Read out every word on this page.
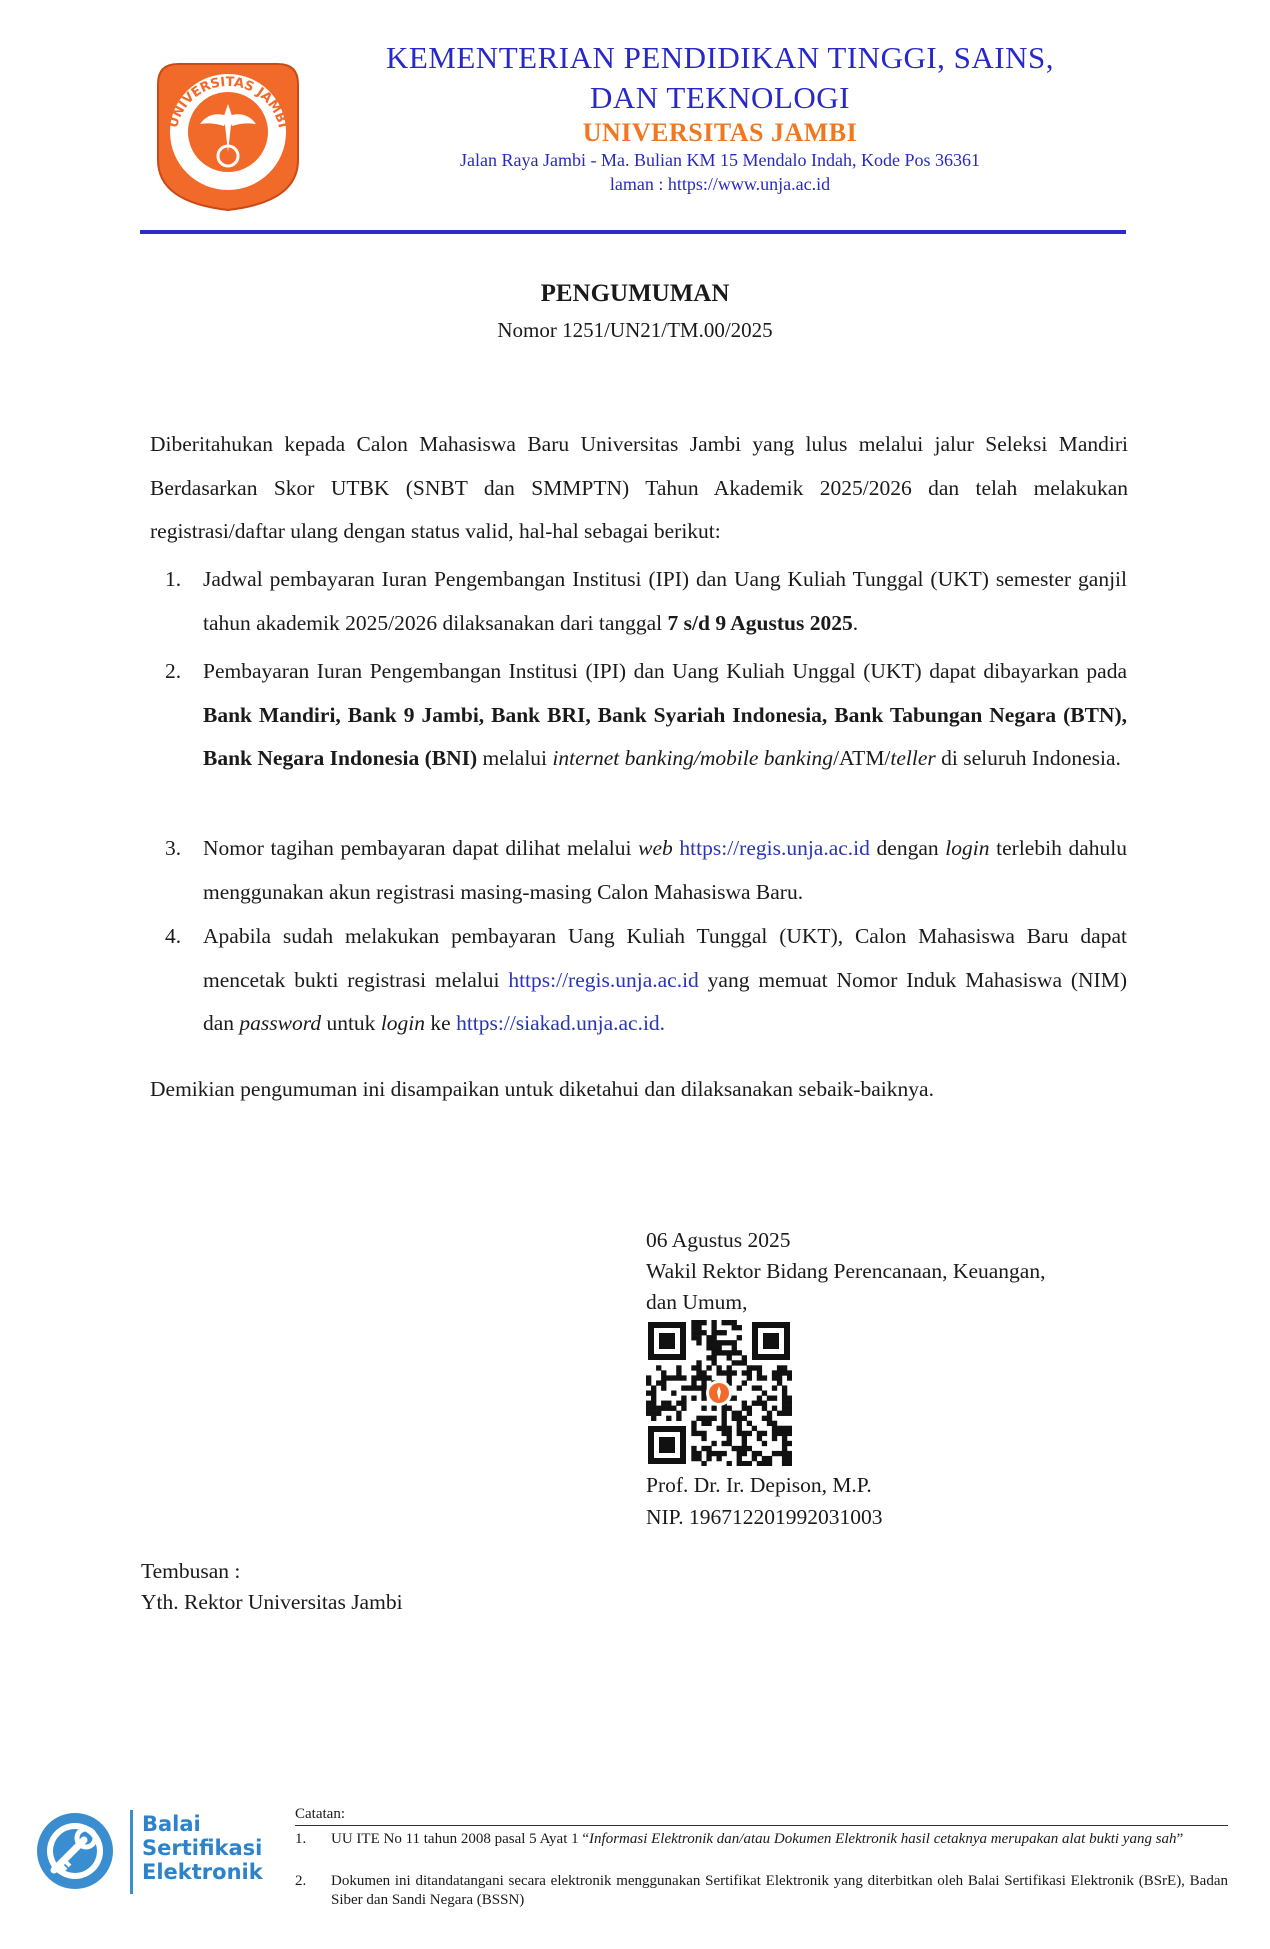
UNIVERSITAS JAMBI
KEMENTERIAN PENDIDIKAN TINGGI, SAINS,
DAN TEKNOLOGI
UNIVERSITAS JAMBI
Jalan Raya Jambi - Ma. Bulian KM 15 Mendalo Indah, Kode Pos 36361
laman : https://www.unja.ac.id
PENGUMUMAN
Nomor 1251/UN21/TM.00/2025
Diberitahukan kepada Calon Mahasiswa Baru Universitas Jambi yang lulus melalui jalur Seleksi Mandiri Berdasarkan Skor UTBK (SNBT dan SMMPTN) Tahun Akademik 2025/2026 dan telah melakukan registrasi/daftar ulang dengan status valid, hal-hal sebagai berikut:
1. Jadwal pembayaran Iuran Pengembangan Institusi (IPI) dan Uang Kuliah Tunggal (UKT) semester ganjil tahun akademik 2025/2026 dilaksanakan dari tanggal 7 s/d 9 Agustus 2025.
2. Pembayaran Iuran Pengembangan Institusi (IPI) dan Uang Kuliah Unggal (UKT) dapat dibayarkan pada Bank Mandiri, Bank 9 Jambi, Bank BRI, Bank Syariah Indonesia, Bank Tabungan Negara (BTN), Bank Negara Indonesia (BNI) melalui internet banking/mobile banking/ATM/teller di seluruh Indonesia.
3. Nomor tagihan pembayaran dapat dilihat melalui web https://regis.unja.ac.id dengan login terlebih dahulu menggunakan akun registrasi masing-masing Calon Mahasiswa Baru.
4. Apabila sudah melakukan pembayaran Uang Kuliah Tunggal (UKT), Calon Mahasiswa Baru dapat mencetak bukti registrasi melalui https://regis.unja.ac.id yang memuat Nomor Induk Mahasiswa (NIM) dan password untuk login ke https://siakad.unja.ac.id.
Demikian pengumuman ini disampaikan untuk diketahui dan dilaksanakan sebaik-baiknya.
06 Agustus 2025
Wakil Rektor Bidang Perencanaan, Keuangan,
dan Umum,
Prof. Dr. Ir. Depison, M.P.
NIP. 196712201992031003
Tembusan :
Yth. Rektor Universitas Jambi
Balai
Sertifikasi
Elektronik
Catatan:
1. UU ITE No 11 tahun 2008 pasal 5 Ayat 1 “Informasi Elektronik dan/atau Dokumen Elektronik hasil cetaknya merupakan alat bukti yang sah”
2. Dokumen ini ditandatangani secara elektronik menggunakan Sertifikat Elektronik yang diterbitkan oleh Balai Sertifikasi Elektronik (BSrE), Badan Siber dan Sandi Negara (BSSN)
